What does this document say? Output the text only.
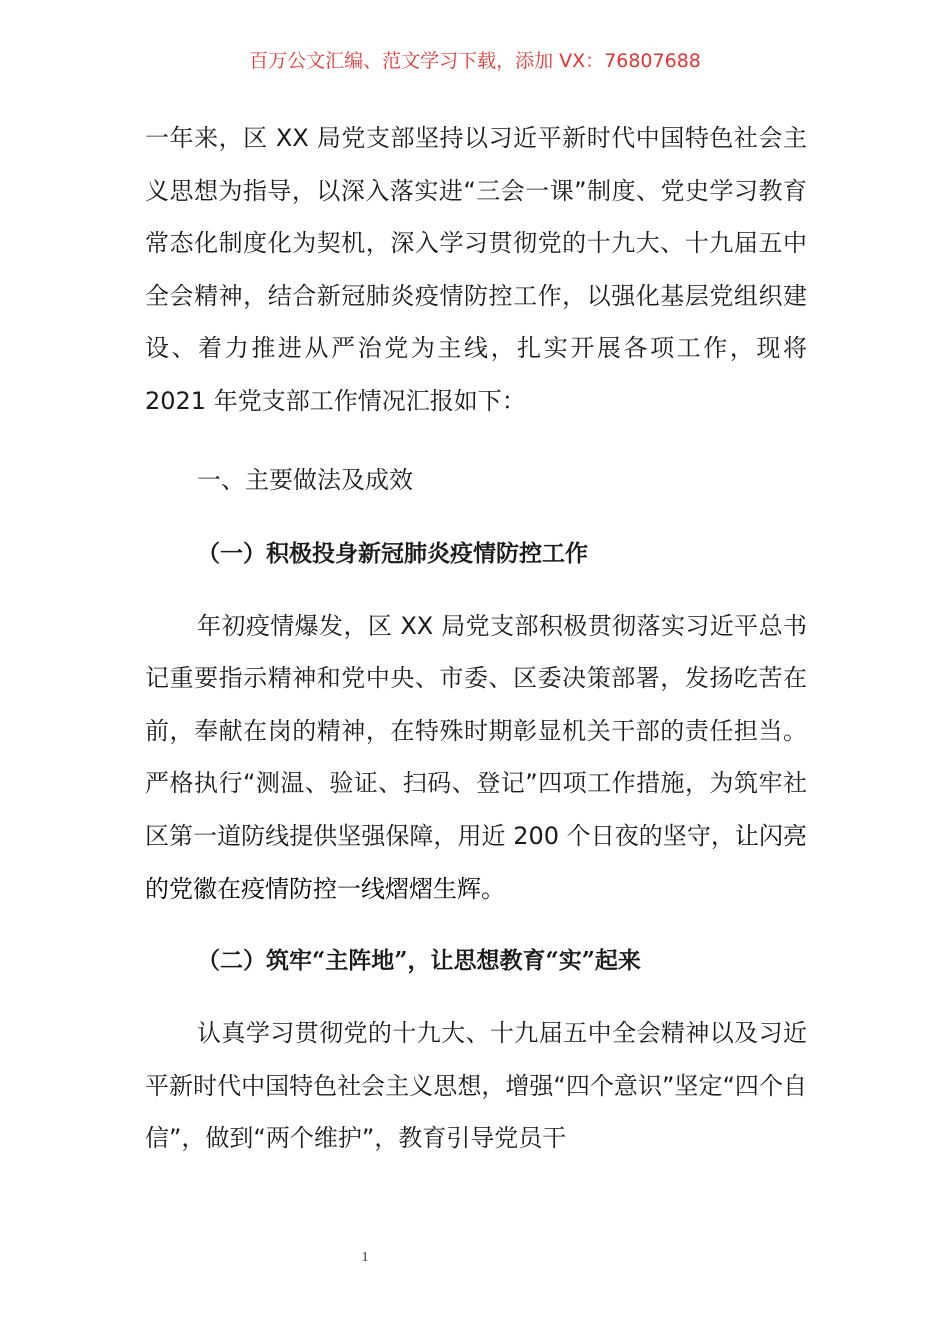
百万公文汇编、范文学习下载，添加 VX：76807688

一年来，区 XX 局党支部坚持以习近平新时代中国特色社会主义思想为指导，以深入落实进“三会一课”制度、党史学习教育常态化制度化为契机，深入学习贯彻党的十九大、十九届五中全会精神，结合新冠肺炎疫情防控工作，以强化基层党组织建设、着力推进从严治党为主线，扎实开展各项工作，现将 2021 年党支部工作情况汇报如下：

一、主要做法及成效
（一）积极投身新冠肺炎疫情防控工作

年初疫情爆发，区 XX 局党支部积极贯彻落实习近平总书记重要指示精神和党中央、市委、区委决策部署，发扬吃苦在前，奉献在岗的精神，在特殊时期彰显机关干部的责任担当。严格执行“测温、验证、扫码、登记”四项工作措施，为筑牢社区第一道防线提供坚强保障，用近 200 个日夜的坚守，让闪亮的党徽在疫情防控一线熠熠生辉。

（二）筑牢“主阵地”，让思想教育“实”起来

认真学习贯彻党的十九大、十九届五中全会精神以及习近平新时代中国特色社会主义思想，增强“四个意识”坚定“四个自信”，做到“两个维护”，教育引导党员干

1
